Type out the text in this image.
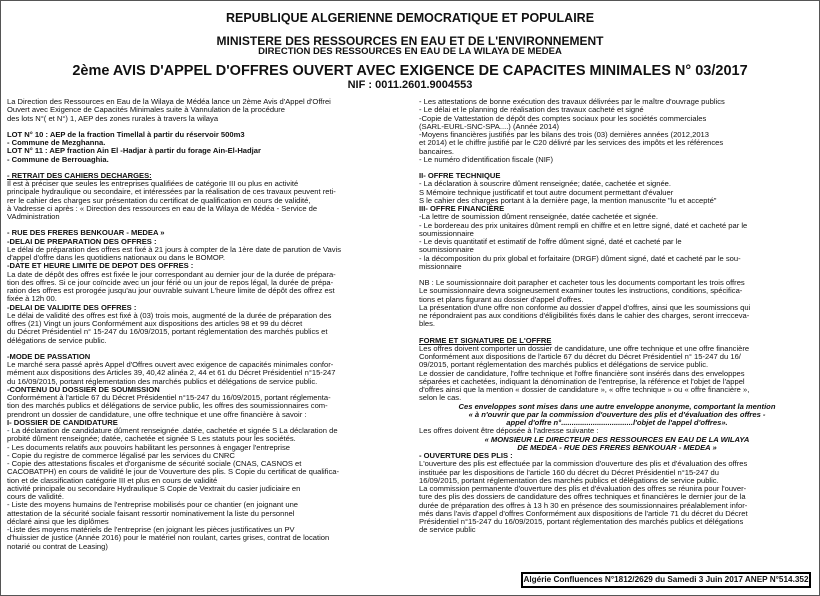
REPUBLIQUE ALGERIENNE DEMOCRATIQUE ET POPULAIRE
MINISTERE DES RESSOURCES EN EAU ET DE L'ENVIRONNEMENT
DIRECTION DES RESSOURCES EN EAU DE LA WILAYA DE MEDEA
2ème AVIS D'APPEL D'OFFRES OUVERT AVEC EXIGENCE DE CAPACITES MINIMALES N° 03/2017
NIF : 0011.2601.9004553

La Direction des Ressources en Eau de la Wilaya de Médéa lance un 2ème Avis d'Appel d'Offrei

Ouvert avec Exigence de Capacités Minimales suite à Vannulation de la procédure

des lots N°( et N°) 1, AEP des zones rurales à travers la wilaya

LOT N° 10 : AEP de la fraction Timellal à partir du réservoir 500m3

- Commune de Mezghanna.

LOT N° 11 : AEP fraction Ain El -Hadjar à partir du forage Ain-El-Hadjar

- Commune de Berrouaghia.

- RETRAIT DES CAHIERS DECHARGES:

Il est à préciser que seules les entreprises qualifiées de catégorie III ou plus en activité

principale hydraulique ou secondaire, et intéressées par la réalisation de ces travaux peuvent reti-

rer le cahier des charges sur présentation du certificat de qualification en cours de validité,

à Vadresse ci après : « Direction des ressources en eau de la Wilaya de Médéa - Service de

VAdministration

- RUE DES FRERES BENKOUAR - MEDEA »

-DELAI DE PREPARATION DES OFFRES :

Le délai de préparation des offres est fixé à 21 jours à compter de la 1ère date de parution de Vavis

d'appel d'offre dans les quotidiens nationaux ou dans le BOMOP.

-DATE ET HEURE LIMITE DE DEPOT DES OFFRES :

La date de dépôt des offres est fixée le jour correspondant au dernier jour de la durée de prépara-

tion des offres. Si ce jour coïncide avec un jour férié ou un jour de repos légal, la durée de prépa-

ration des offres est prorogée jusqu'au jour ouvrable suivant L'heure limite de dépôt des offrez est

fixée à 12h 00.

-DELAI DE VALIDITE DES OFFRES :

Le délai de validité des offres est fixé à (03) trois mois, augmenté de la durée de préparation des

offres (21) Vingt un jours Conformément aux dispositions des articles 98 et 99 du décret

du Décret Présidentiel n° 15-247 du 16/09/2015, portant réglementation des marchés publics et

délégations de service public.

-MODE DE PASSATION

Le marché sera passé après Appel d'Offres ouvert avec exigence de capacités minimales confor-

mément aux dispositions des Articles 39, 40,42 alinéa 2, 44 et 61 du Décret Présidentiel n°15-247

du 16/09/2015, portant réglementation des marchés publics et délégations de service public.

-CONTENU DU DOSSIER DE SOUMISSION

Conformément à l'article 67 du Décret Présidentiel n°15-247 du 16/09/2015, portant réglementa-

tion des marchés publics et délégations de service public, les offres des soumissionnaires com-

prendront un dossier de candidature, une offre technique et une offre financière à savoir :

I- DOSSIER DE CANDIDATURE

- La déclaration de candidature dûment renseignée .datée, cachetée et signée S La déclaration de

probité dûment renseignée; datée, cachetée et signée S Les statuts pour les sociétés.

- Les documents relatifs aux pouvoirs habilitant les personnes à engager l'entreprise

- Copie du registre de commerce légalisé par les services du CNRC

- Copie des attestations fiscales et d'organisme de sécurité sociale (CNAS, CASNOS et

CACOBATPH) en cours de validité le jour de Vouverture des plis. S Copie du certificat de qualifica-

tion et de classification catégorie III et plus en cours de validité

activité principale ou secondaire Hydraulique S Copie de Vextrait du casier judiciaire en

cours de validité.

- Liste des moyens humains de l'entreprise mobilisés pour ce chantier (en joignant une

attestation de la sécurité sociale faisant ressortir nominativement la liste du personnel

déclaré ainsi que les diplômes

-Liste des moyens matériels de l'entreprise (en joignant les pièces justificatives un PV

d'huissier de justice (Année 2016) pour le matériel non roulant, cartes grises, contrat de location

notarié ou contrat de Leasing)

- Les attestations de bonne exécution des travaux délivrées par le maître d'ouvrage publics

- Le délai et le planning de réalisation des travaux cacheté et signé

-Copie de Vattestation de dépôt des comptes sociaux pour les sociétés commerciales

(SARL-EURL-SNC-SPA....) (Année 2014)

-Moyens financières justifiés par les bilans des trois (03) dernières années (2012,2013

et 2014) et le chiffre justifié par le C20 délivré par les services des impôts et les références

bancaires.

- Le numéro d'identification fiscale (NIF)

II- OFFRE TECHNIQUE

- La déclaration à souscrire dûment renseignée; datée, cachetée et signée.

S Mémoire technique justificatif et tout autre document permettant d'évaluer

S le cahier des charges portant à la dernière page, la mention manuscrite "lu et accepté"

III- OFFRE FINANCIÈRE

-La lettre de soumission dûment renseignée, datée cachetée et signée.

- Le bordereau des prix unitaires dûment rempli en chiffre et en lettre signé, daté et cacheté par le

soumissionnaire

- Le devis quantitatif et estimatif de l'offre dûment signé, daté et cacheté par le

soumissionnaire

- la décomposition du prix global et forfaitaire (DRGF) dûment signé, daté et cacheté par le sou-

missionnaire

NB : Le soumissionnaire doit parapher et cacheter tous les documents comportant les trois offres

Le soumissionnaire devra soigneusement examiner toutes les instructions, conditions, spécifica-

tions et plans figurant au dossier d'appel d'offres.

La présentation d'une offre non conforme au dossier d'appel d'offres, ainsi que les soumissions qui

ne répondraient pas aux conditions d'éligibilités fixés dans le cahier des charges, seront irrecceva-

bles.

FORME ET SIGNATURE DE L'OFFRE

Les offres doivent comporter un dossier de candidature, une offre technique et une offre financière

Conformément aux dispositions de l'article 67 du décret du Décret Présidentiel n° 15-247 du 16/

09/2015, portant réglementation des marchés publics et délégations de service public.

Le dossier de candidature, l'offre technique et l'offre financière sont insérés dans des enveloppes

séparées et cachetées, indiquant la dénomination de l'entreprise, la référence et l'objet de l'appel

d'offres ainsi que la mention « dossier de candidature », « offre technique » ou « offre financière »,

selon le cas.

Ces enveloppes sont mises dans une autre enveloppe anonyme, comportant la mention

« à n'ouvrir que par la commission d'ouverture des plis et d'évaluation des offres -

appel d'offre n°..................................l'objet de l'appel d'offres».

Les offres doivent être déposée à l'adresse suivante :

« MONSIEUR LE DIRECTEUR DES RESSOURCES EN EAU DE LA WILAYA

DE MEDEA - RUE DES FRERES BENKOUAR - MEDEA »

- OUVERTURE DES PLIS :

L'ouverture des plis est effectuée par la commission d'ouverture des plis et d'évaluation des offres

instituée par les dispositions de l'article 160 du décret du Décret Présidentiel n°15-247 du

16/09/2015, portant réglementation des marchés publics et délégations de service public.

La commission permanente d'ouverture des plis et d'évaluation des offres se réunira pour l'ouver-

ture des plis des dossiers de candidature des offres techniques et financières le dernier jour de la

durée de préparation des offres à 13 h 30 en présence des soumissionnaires préalablement infor-

més dans l'avis d'appel d'offres Conformément aux dispositions de l'article 71 du décret du Décret

Présidentiel n°15-247 du 16/09/2015, portant réglementation des marchés publics et délégations

de service public

Algérie Confluences N°1812/2629 du Samedi 3 Juin 2017 ANEP N°514.352
